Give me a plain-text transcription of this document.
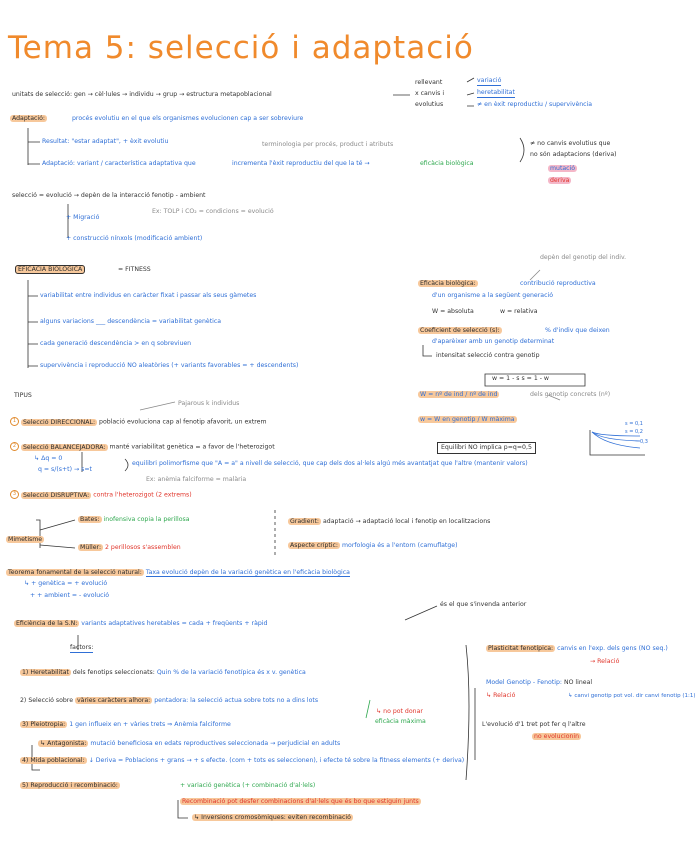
Tema 5: selecció i adaptació
unitats de selecció: gen → cèl·lules → individu → grup → estructura metapoblacional
rellevant
x canvis i
evolutius
variació
heretabilitat
≠ en èxit reproductiu / supervivència
Adaptació:	procés evolutiu en el que els organismes evolucionen cap a ser sobreviure
Resultat: "estar adaptat", + èxit evolutiu	terminologia per procés, product i atributs
Adaptació: variant / característica adaptativa que	incrementa l'èxit reproductiu del que la té →	eficàcia biològica
≠ no canvis evolutius que
no són adaptacions (deriva)
mutació
deriva
selecció = evolució → depèn de la interacció fenotip - ambient
Ex: TOLP i CO₂ = condicions = evolució
+ Migració
+ construcció nínxols (modificació ambient)
EFICÀCIA BIOLÒGICA	= FITNESS
variabilitat entre individus en caràcter fixat i passar als seus gàmetes
alguns variacions ___ descendència = variabilitat genètica
cada generació descendència > en q sobreviuen
supervivència i reproducció NO aleatòries (+ variants favorables = + descendents)
depèn del genotip del indiv.
Eficàcia biològica:	contribució reproductiva
d'un organisme a la següent generació
W = absoluta	w = relativa
Coeficient de selecció (s):	% d'indiv que deixen
d'aparèixer amb un genotip determinat
intensitat selecció contra genotip
w = 1 - s s = 1 - w
W = nº de ind / nº de ind	dels genotip concrets (nº)
w = W en genotip / W màxima
TIPUS
Pajarous k individus
1 Selecció DIRECCIONAL: població evoluciona cap al fenotip afavorit, un extrem
2 Selecció BALANCEJADORA: manté variabilitat genètica = a favor de l'heterozigot
↳ Δq = 0
q = s/(s+t) → s=t
equilibri polimorfisme que "A = a" a nivell de selecció, que cap dels dos al·lels algú més avantatjat que l'altre (mantenir valors)
Ex: anèmia falciforme = malària
Equilibri NO implica p=q=0,5
s = 0,1
s = 0,2
0,3
3 Selecció DISRUPTIVA: contra l'heterozigot (2 extrems)
Mimetisme
Bates: inofensiva copia la perillosa
Müller: 2 perillosos s'assemblen
Gradient: adaptació → adaptació local i fenotip en localitzacions
Aspecte críptic: morfologia és a l'entorn (camuflatge)
Teorema fonamental de la selecció natural: Taxa evolució depèn de la variació genètica en l'eficàcia biològica
↳ + genètica = + evolució
+ + ambient = - evolució
és el que s'invenda anterior
Eficiència de la S.N: variants adaptatives heretables = cada + freqüents + ràpid
factors:
1) Heretabilitat dels fenotips seleccionats: Quin % de la variació fenotípica és x v. genètica
2) Selecció sobre vàries caràcters alhora: pentadora: la selecció actua sobre tots no a dins lots
↳ no pot donar
eficàcia màxima
3) Pleiotropia: 1 gen influeix en + vàries trets ⇒ Anèmia falciforme
↳ Antagonista: mutació beneficiosa en edats reproductives seleccionada → perjudicial en adults
4) Mida poblacional: ↓ Deriva = Poblacions + grans → + s efecte. (com + tots es seleccionen), i efecte té sobre la fitness elements (+ deriva)
5) Reproducció i recombinació:	+ variació genètica (+ combinació d'al·lels)
Recombinació pot desfer combinacions d'al·lels que és bo que estiguin junts
↳ Inversions cromosòmiques: eviten recombinació
Plasticitat fenotípica: canvis en l'exp. dels gens (NO seq.)
→ Relació
Model Genotip - Fenotip: NO lineal
↳ Relació	↳ canvi genotip pot vol. dir canvi fenotip (1:1)
L'evolució d'1 tret pot fer q l'altre
no evolucionin
